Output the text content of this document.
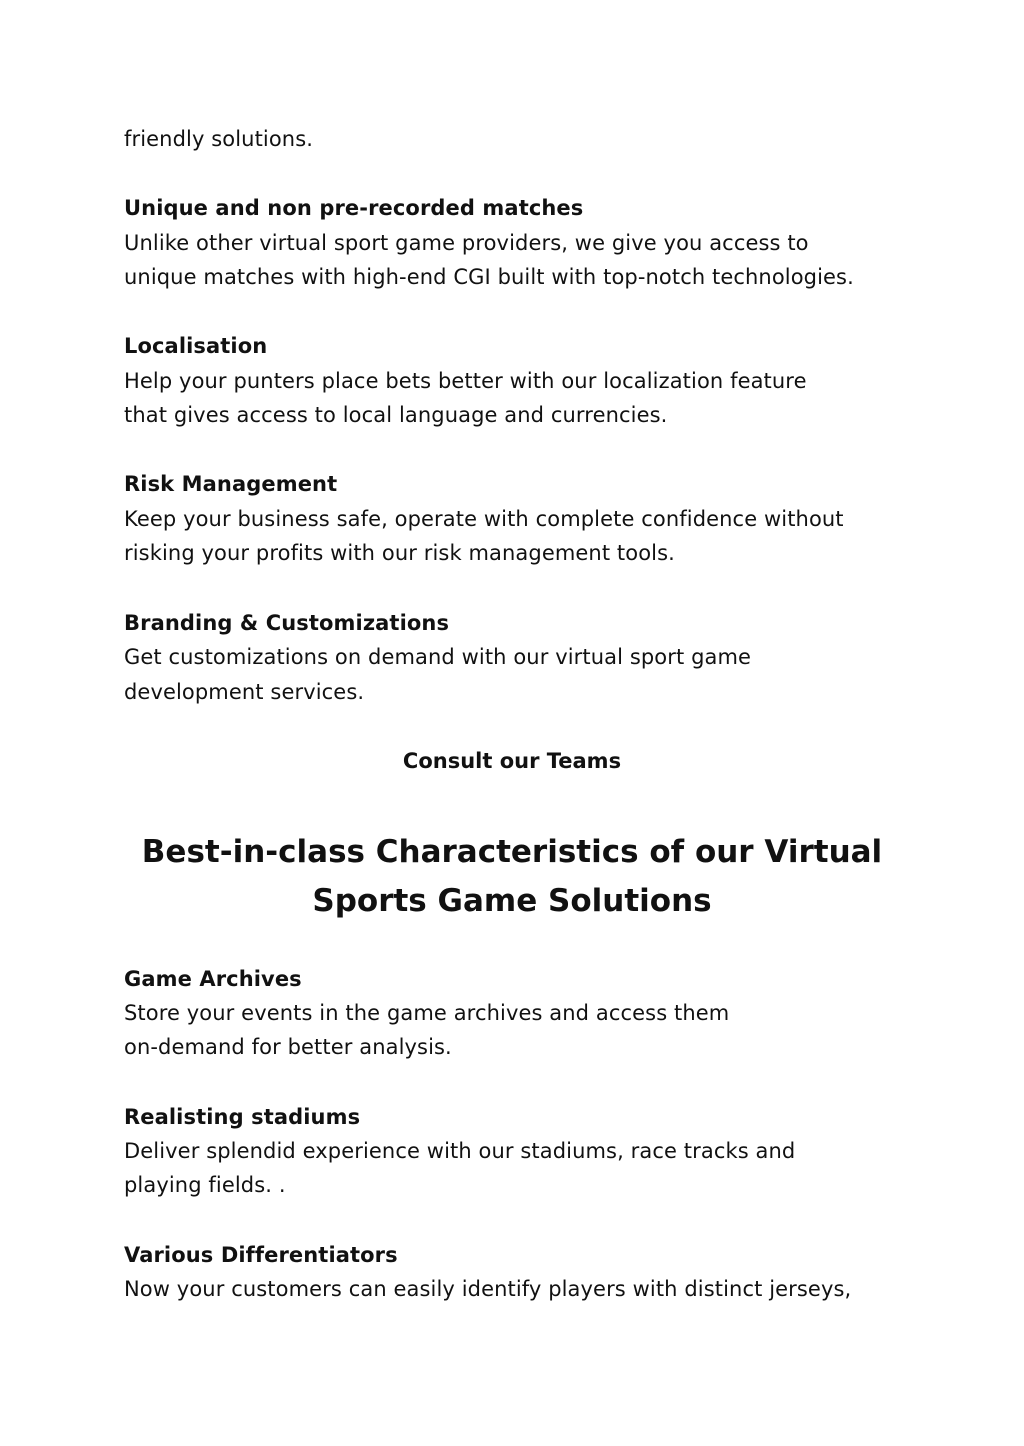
friendly solutions.
Unique and non pre-recorded matches
Unlike other virtual sport game providers, we give you access to
unique matches with high-end CGI built with top-notch technologies.
Localisation
Help your punters place bets better with our localization feature
that gives access to local language and currencies.
Risk Management
Keep your business safe, operate with complete confidence without
risking your profits with our risk management tools.
Branding & Customizations
Get customizations on demand with our virtual sport game
development services.
Consult our Teams
Best-in-class Characteristics of our Virtual
Sports Game Solutions
Game Archives
Store your events in the game archives and access them
on-demand for better analysis.
Realisting stadiums
Deliver splendid experience with our stadiums, race tracks and
playing fields. .
Various Differentiators
Now your customers can easily identify players with distinct jerseys,
